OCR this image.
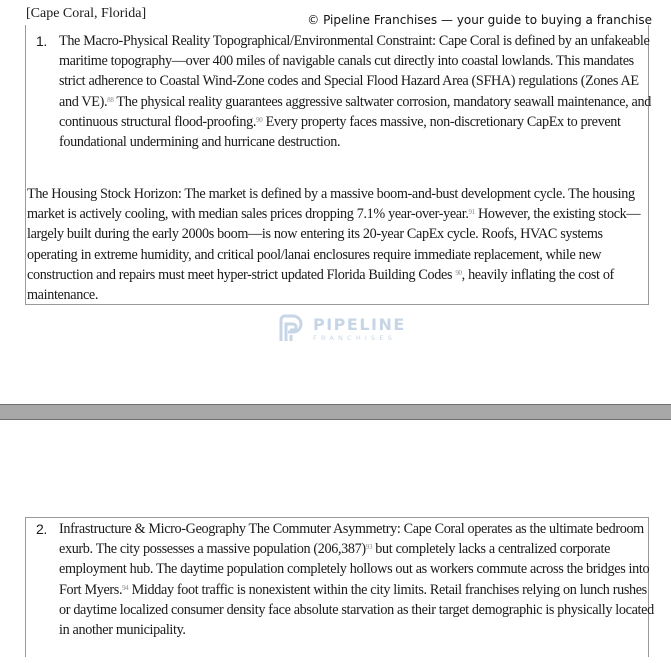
[Cape Coral, Florida]	© Pipeline Franchises — your guide to buying a franchise
1. The Macro-Physical Reality Topographical/Environmental Constraint: Cape Coral is defined by an unfakeable maritime topography—over 400 miles of navigable canals cut directly into coastal lowlands. This mandates strict adherence to Coastal Wind-Zone codes and Special Flood Hazard Area (SFHA) regulations (Zones AE and VE).$^{88}$ The physical reality guarantees aggressive saltwater corrosion, mandatory seawall maintenance, and continuous structural flood-proofing.$^{90}$ Every property faces massive, non-discretionary CapEx to prevent foundational undermining and hurricane destruction.
The Housing Stock Horizon: The market is defined by a massive boom-and-bust development cycle. The housing market is actively cooling, with median sales prices dropping 7.1% year-over-year.$^{91}$ However, the existing stock—largely built during the early 2000s boom—is now entering its 20-year CapEx cycle. Roofs, HVAC systems operating in extreme humidity, and critical pool/lanai enclosures require immediate replacement, while new construction and repairs must meet hyper-strict updated Florida Building Codes $^{90}$, heavily inflating the cost of maintenance.
PIPELINE
FRANCHISES
2. Infrastructure & Micro-Geography The Commuter Asymmetry: Cape Coral operates as the ultimate bedroom exurb. The city possesses a massive population $(206,387)^{93}$ but completely lacks a centralized corporate employment hub. The daytime population completely hollows out as workers commute across the bridges into Fort Myers.$^{94}$ Midday foot traffic is nonexistent within the city limits. Retail franchises relying on lunch rushes or daytime localized consumer density face absolute starvation as their target demographic is physically located in another municipality.
